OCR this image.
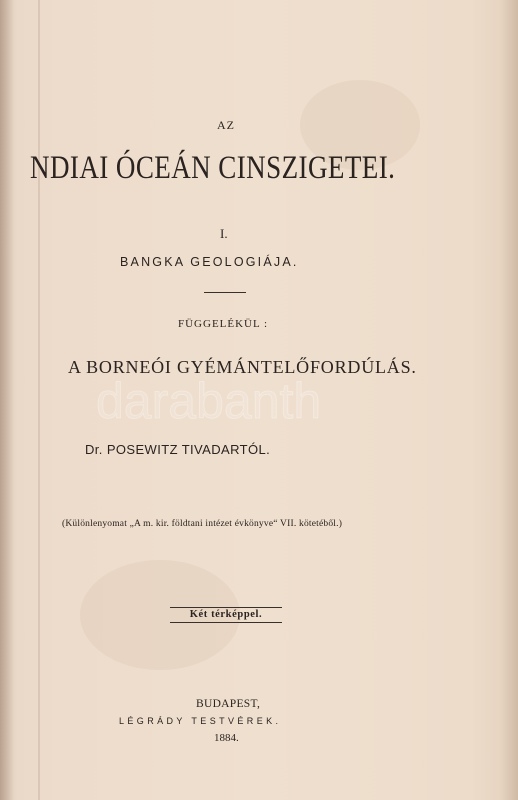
AZ
NDIAI ÓCEÁN CINSZIGETEI.
I.
BANGKA GEOLOGIÁJA.
FÜGGELÉKÜL :
A BORNEÓI GYÉMÁNTELŐFORDÚLÁS.
Dr. POSEWITZ TIVADARTÓL.
(Különlenyomat „A m. kir. földtani intézet évkönyve“ VII. kötetéből.)
Két térképpel.
BUDAPEST,
LÉGRÁDY TESTVÉREK.
1884.
darabanth
